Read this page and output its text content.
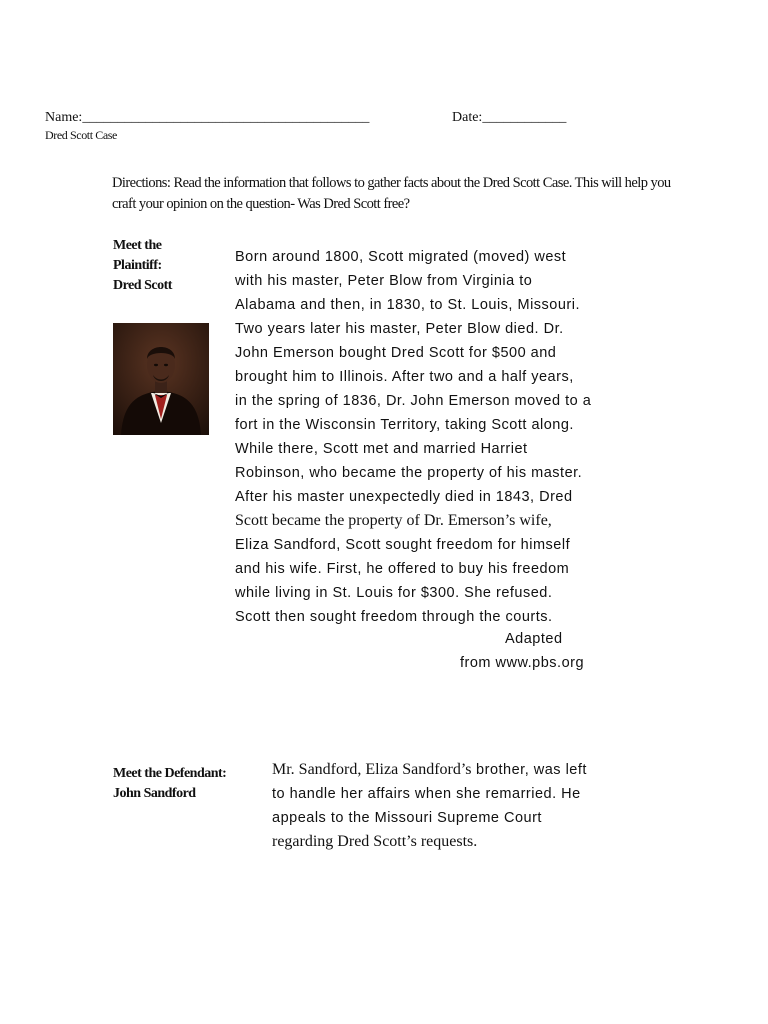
Name:_________________________________________	Date:____________
Dred Scott Case
Directions: Read the information that follows to gather facts about the Dred Scott Case. This will help you craft your opinion on the question- Was Dred Scott free?
Meet the
Plaintiff:
Dred Scott
Born around 1800, Scott migrated (moved) west
with his master, Peter Blow from Virginia to
Alabama and then, in 1830, to St. Louis, Missouri.
Two years later his master, Peter Blow died. Dr.
John Emerson bought Dred Scott for $500 and
brought him to Illinois. After two and a half years,
in the spring of 1836, Dr. John Emerson moved to a
fort in the Wisconsin Territory, taking Scott along.
While there, Scott met and married Harriet
Robinson, who became the property of his master.
After his master unexpectedly died in 1843, Dred
Scott became the property of Dr. Emerson’s wife,
Eliza Sandford, Scott sought freedom for himself
and his wife. First, he offered to buy his freedom
while living in St. Louis for $300. She refused.
Scott then sought freedom through the courts.
Adapted
from www.pbs.org
Meet the Defendant:
John Sandford
Mr. Sandford, Eliza Sandford’s brother, was left
to handle her affairs when she remarried. He
appeals to the Missouri Supreme Court
regarding Dred Scott’s requests.
